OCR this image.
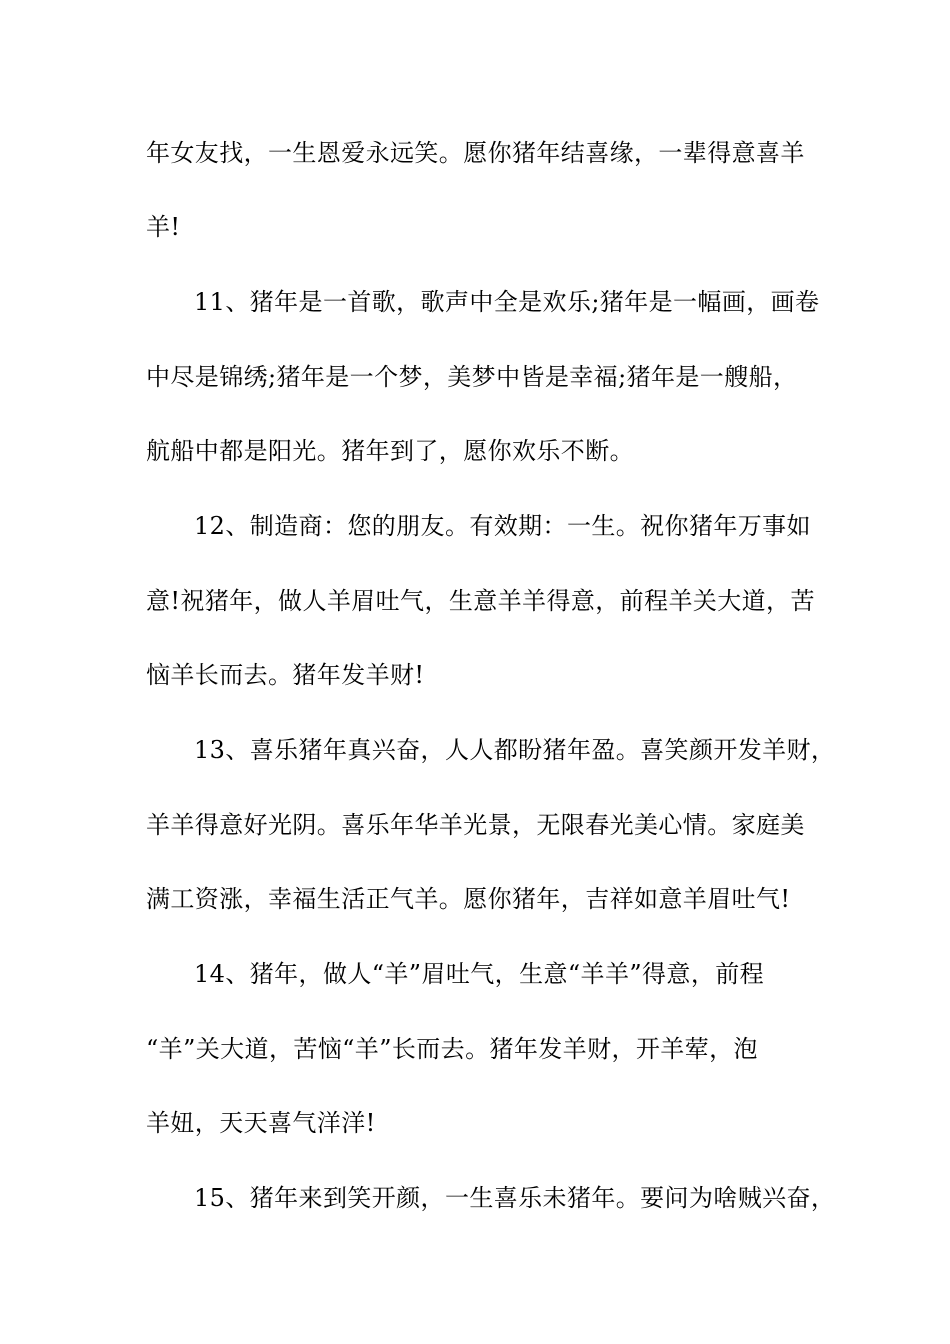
年女友找，一生恩爱永远笑。愿你猪年结喜缘，一辈得意喜羊

羊!

11、猪年是一首歌，歌声中全是欢乐;猪年是一幅画，画卷

中尽是锦绣;猪年是一个梦，美梦中皆是幸福;猪年是一艘船，

航船中都是阳光。猪年到了，愿你欢乐不断。

12、制造商：您的朋友。有效期：一生。祝你猪年万事如

意!祝猪年，做人羊眉吐气，生意羊羊得意，前程羊关大道，苦

恼羊长而去。猪年发羊财!

13、喜乐猪年真兴奋，人人都盼猪年盈。喜笑颜开发羊财，

羊羊得意好光阴。喜乐年华羊光景，无限春光美心情。家庭美

满工资涨，幸福生活正气羊。愿你猪年，吉祥如意羊眉吐气!

14、猪年，做人“羊”眉吐气，生意“羊羊”得意，前程

“羊”关大道，苦恼“羊”长而去。猪年发羊财，开羊荤，泡

羊妞，天天喜气洋洋!

15、猪年来到笑开颜，一生喜乐未猪年。要问为啥贼兴奋，
